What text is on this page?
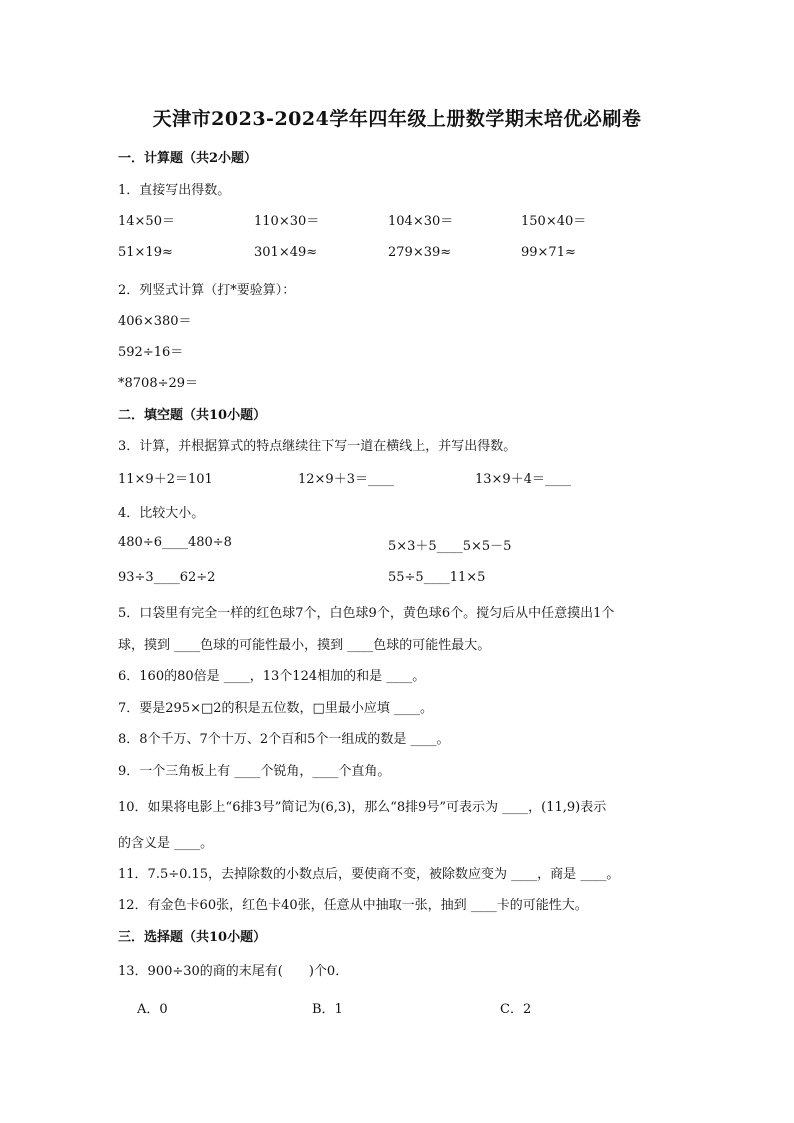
天津市2023-2024学年四年级上册数学期末培优必刷卷
一．计算题（共2小题）
1．直接写出得数。
14×50＝	110×30＝	104×30＝	150×40＝
51×19≈	301×49≈	279×39≈	99×71≈
2．列竖式计算（打*要验算）：
406×380＝
592÷16＝
*8708÷29＝
二．填空题（共10小题）
3．计算，并根据算式的特点继续往下写一道在横线上，并写出得数。
11×9＋2＝101	12×9＋3＝____	13×9＋4＝____
4．比较大小。
480÷6____480÷8	5×3＋5____5×5－5
93÷3____62÷2	55÷5____11×5
5．口袋里有完全一样的红色球7个，白色球9个，黄色球6个。搅匀后从中任意摸出1个
球，摸到 ____色球的可能性最小，摸到 ____色球的可能性最大。
6．160的80倍是 ____，13个124相加的和是 ____。
7．要是295×□2的积是五位数，□里最小应填 ____。
8．8个千万、7个十万、2个百和5个一组成的数是 ____。
9．一个三角板上有 ____个锐角，____个直角。
10．如果将电影上“6排3号”简记为(6,3)，那么“8排9号”可表示为 ____，(11,9)表示
的含义是 ____。
11．7.5÷0.15，去掉除数的小数点后，要使商不变，被除数应变为 ____，商是 ____。
12．有金色卡60张，红色卡40张，任意从中抽取一张，抽到 ____卡的可能性大。
三．选择题（共10小题）
13．900÷30的商的末尾有(　　)个0．
A．0	B．1	C．2
